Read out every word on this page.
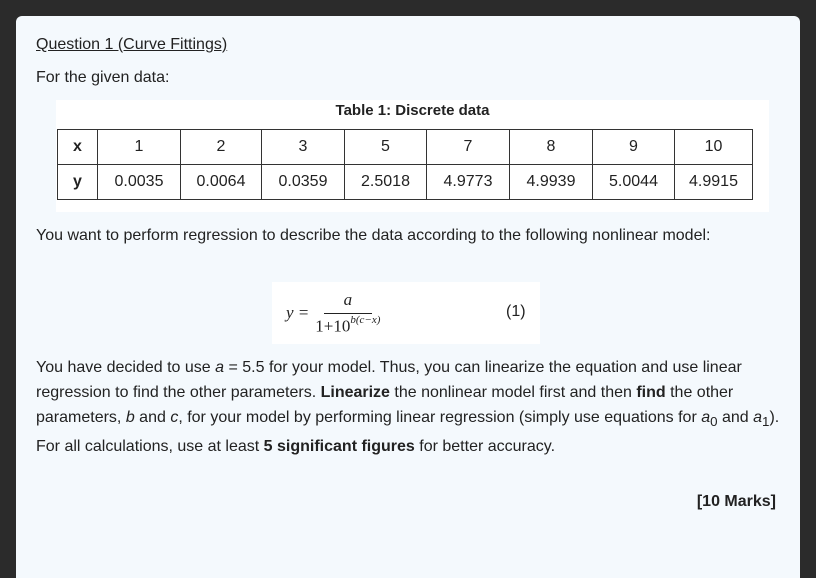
Question 1 (Curve Fittings)
For the given data:
Table 1: Discrete data
x	1	2	3	5	7	8	9	10
y	0.0035	0.0064	0.0359	2.5018	4.9773	4.9939	5.0044	4.9915
You want to perform regression to describe the data according to the following nonlinear model:
$y = \frac{a}{1+10^{b(c-x)}}$	(1)
You have decided to use a = 5.5 for your model. Thus, you can linearize the equation and use linear regression to find the other parameters. Linearize the nonlinear model first and then find the other parameters, b and c, for your model by performing linear regression (simply use equations for $a_0$ and $a_1$). For all calculations, use at least 5 significant figures for better accuracy.
[10 Marks]
